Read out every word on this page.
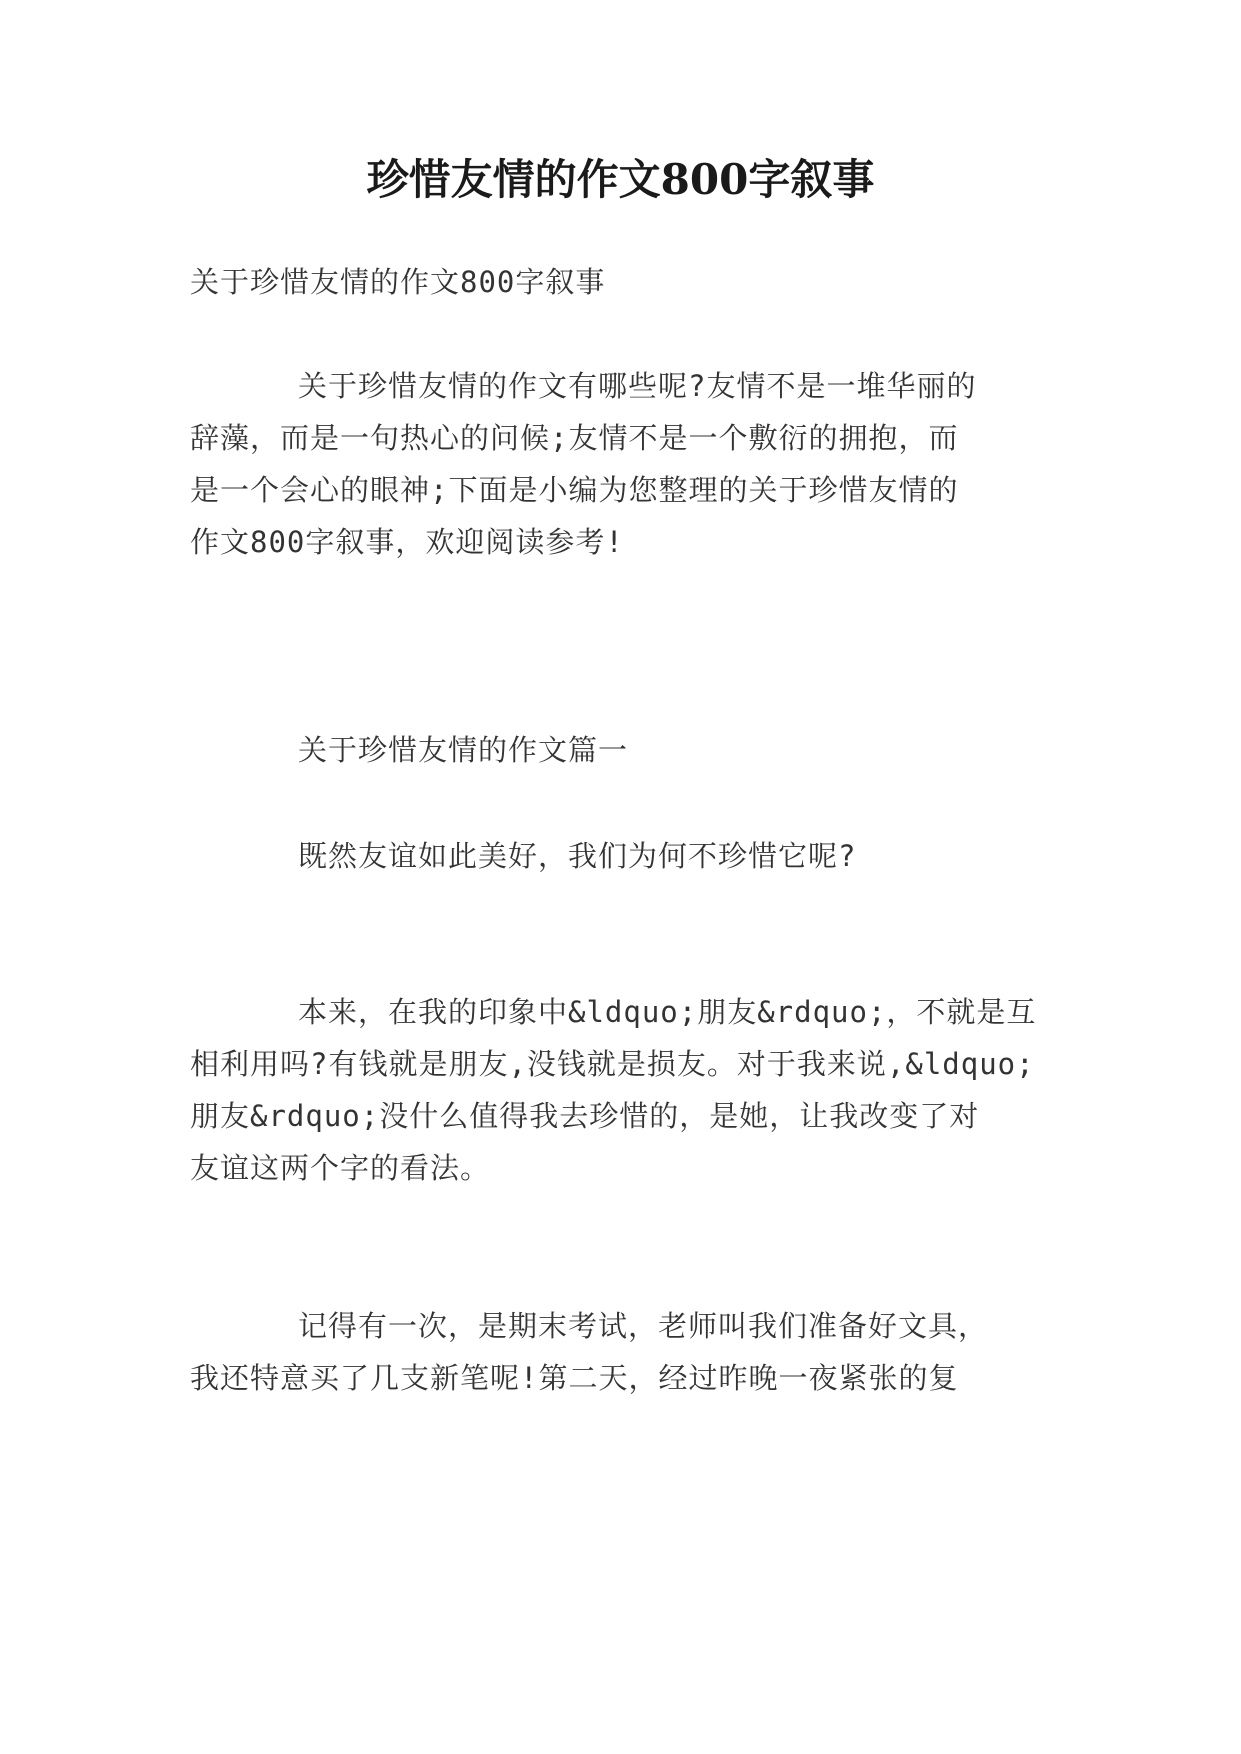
珍惜友情的作文800字叙事
关于珍惜友情的作文800字叙事
关于珍惜友情的作文有哪些呢?友情不是一堆华丽的
辞藻，而是一句热心的问候;友情不是一个敷衍的拥抱，而
是一个会心的眼神;下面是小编为您整理的关于珍惜友情的
作文800字叙事，欢迎阅读参考!
关于珍惜友情的作文篇一
既然友谊如此美好，我们为何不珍惜它呢?
本来，在我的印象中&ldquo;朋友&rdquo;，不就是互
相利用吗?有钱就是朋友,没钱就是损友。对于我来说,&ldquo;
朋友&rdquo;没什么值得我去珍惜的，是她，让我改变了对
友谊这两个字的看法。
记得有一次，是期末考试，老师叫我们准备好文具，
我还特意买了几支新笔呢!第二天，经过昨晚一夜紧张的复
